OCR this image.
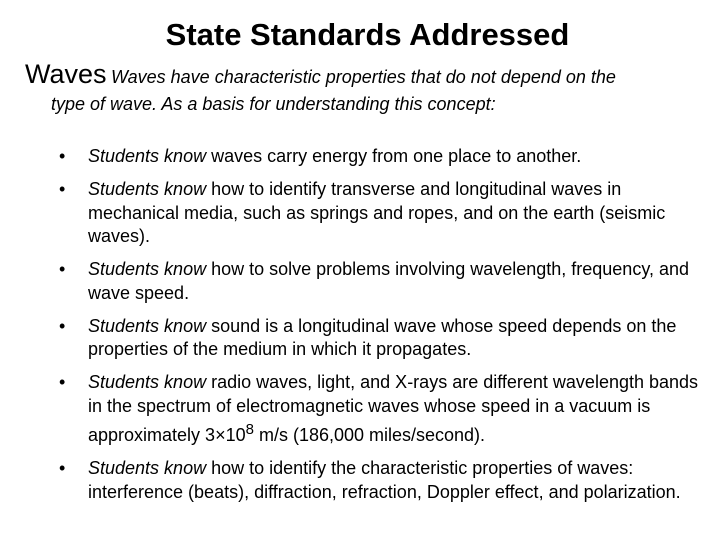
State Standards Addressed
Waves Waves have characteristic properties that do not depend on the
type of wave. As a basis for understanding this concept:
•	Students know waves carry energy from one place to another.
•	Students know how to identify transverse and longitudinal waves in mechanical media, such as springs and ropes, and on the earth (seismic waves).
•	Students know how to solve problems involving wavelength, frequency, and wave speed.
•	Students know sound is a longitudinal wave whose speed depends on the properties of the medium in which it propagates.
•	Students know radio waves, light, and X-rays are different wavelength bands in the spectrum of electromagnetic waves whose speed in a vacuum is approximately $3\times 10^8$ m/s (186,000 miles/second).
•	Students know how to identify the characteristic properties of waves: interference (beats), diffraction, refraction, Doppler effect, and polarization.
